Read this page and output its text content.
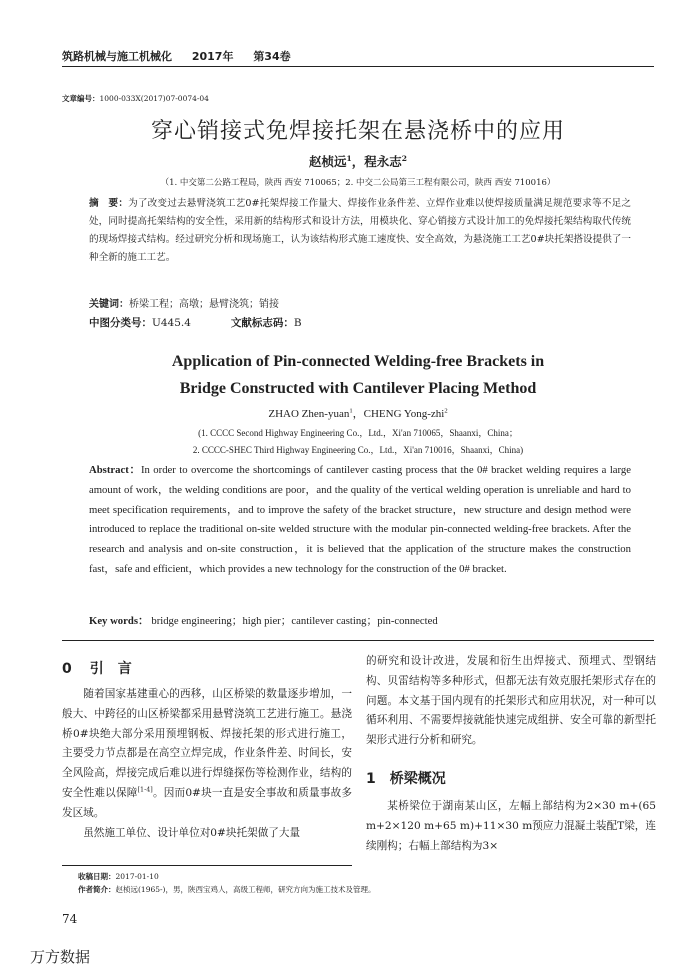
筑路机械与施工机械化 2017年 第34卷
文章编号：1000-033X(2017)07-0074-04
穿心销接式免焊接托架在悬浇桥中的应用
赵桢远$^1$，程永志$^2$
（1. 中交第二公路工程局，陕西 西安 710065；2. 中交二公局第三工程有限公司，陕西 西安 710016）
摘　要：为了改变过去悬臂浇筑工艺0#托架焊接工作量大、焊接作业条件差、立焊作业难以使焊接质量满足规范要求等不足之处，同时提高托架结构的安全性，采用新的结构形式和设计方法，用模块化、穿心销接方式设计加工的免焊接托架结构取代传统的现场焊接式结构。经过研究分析和现场施工，认为该结构形式施工速度快、安全高效，为悬浇施工工艺0#块托架搭设提供了一种全新的施工工艺。
关键词：桥梁工程；高墩；悬臂浇筑；销接
中图分类号：U445.4	文献标志码：B
Application of Pin-connected Welding-free Brackets in
Bridge Constructed with Cantilever Placing Method
ZHAO Zhen-yuan$^1$，CHENG Yong-zhi$^2$
(1. CCCC Second Highway Engineering Co.，Ltd.，Xi'an 710065，Shaanxi，China；
2. CCCC-SHEC Third Highway Engineering Co.，Ltd.，Xi'an 710016，Shaanxi，China)
Abstract：In order to overcome the shortcomings of cantilever casting process that the 0# bracket welding requires a large amount of work，the welding conditions are poor，and the quality of the vertical welding operation is unreliable and hard to meet specification requirements，and to improve the safety of the bracket structure，new structure and design method were introduced to replace the traditional on-site welded structure with the modular pin-connected welding-free brackets. After the research and analysis and on-site construction，it is believed that the application of the structure makes the construction fast，safe and efficient，which provides a new technology for the construction of the 0# bracket.
Key words： bridge engineering；high pier；cantilever casting；pin-connected
0 引　言

随着国家基建重心的西移，山区桥梁的数量逐步增加，一般大、中跨径的山区桥梁都采用悬臂浇筑工艺进行施工。悬浇桥0#块绝大部分采用预埋钢板、焊接托架的形式进行施工，主要受力节点都是在高空立焊完成，作业条件差、时间长，安全风险高，焊接完成后难以进行焊缝探伤等检测作业，结构的安全性难以保障[1-4]。因而0#块一直是安全事故和质量事故多发区域。

虽然施工单位、设计单位对0#块托架做了大量

的研究和设计改进，发展和衍生出焊接式、预埋式、型钢结构、贝雷结构等多种形式，但都无法有效克服托架形式存在的问题。本文基于国内现有的托架形式和应用状况，对一种可以循环利用、不需要焊接就能快速完成组拼、安全可靠的新型托架形式进行分析和研究。

1 桥梁概况

某桥梁位于湖南某山区，左幅上部结构为2×30 m+(65 m+2×120 m+65 m)+11×30 m预应力混凝土装配T梁，连续刚构；右幅上部结构为3×

收稿日期：2017-01-10
作者简介：赵桢远(1965-)，男，陕西宝鸡人，高级工程师，研究方向为施工技术及管理。
74
万方数据
